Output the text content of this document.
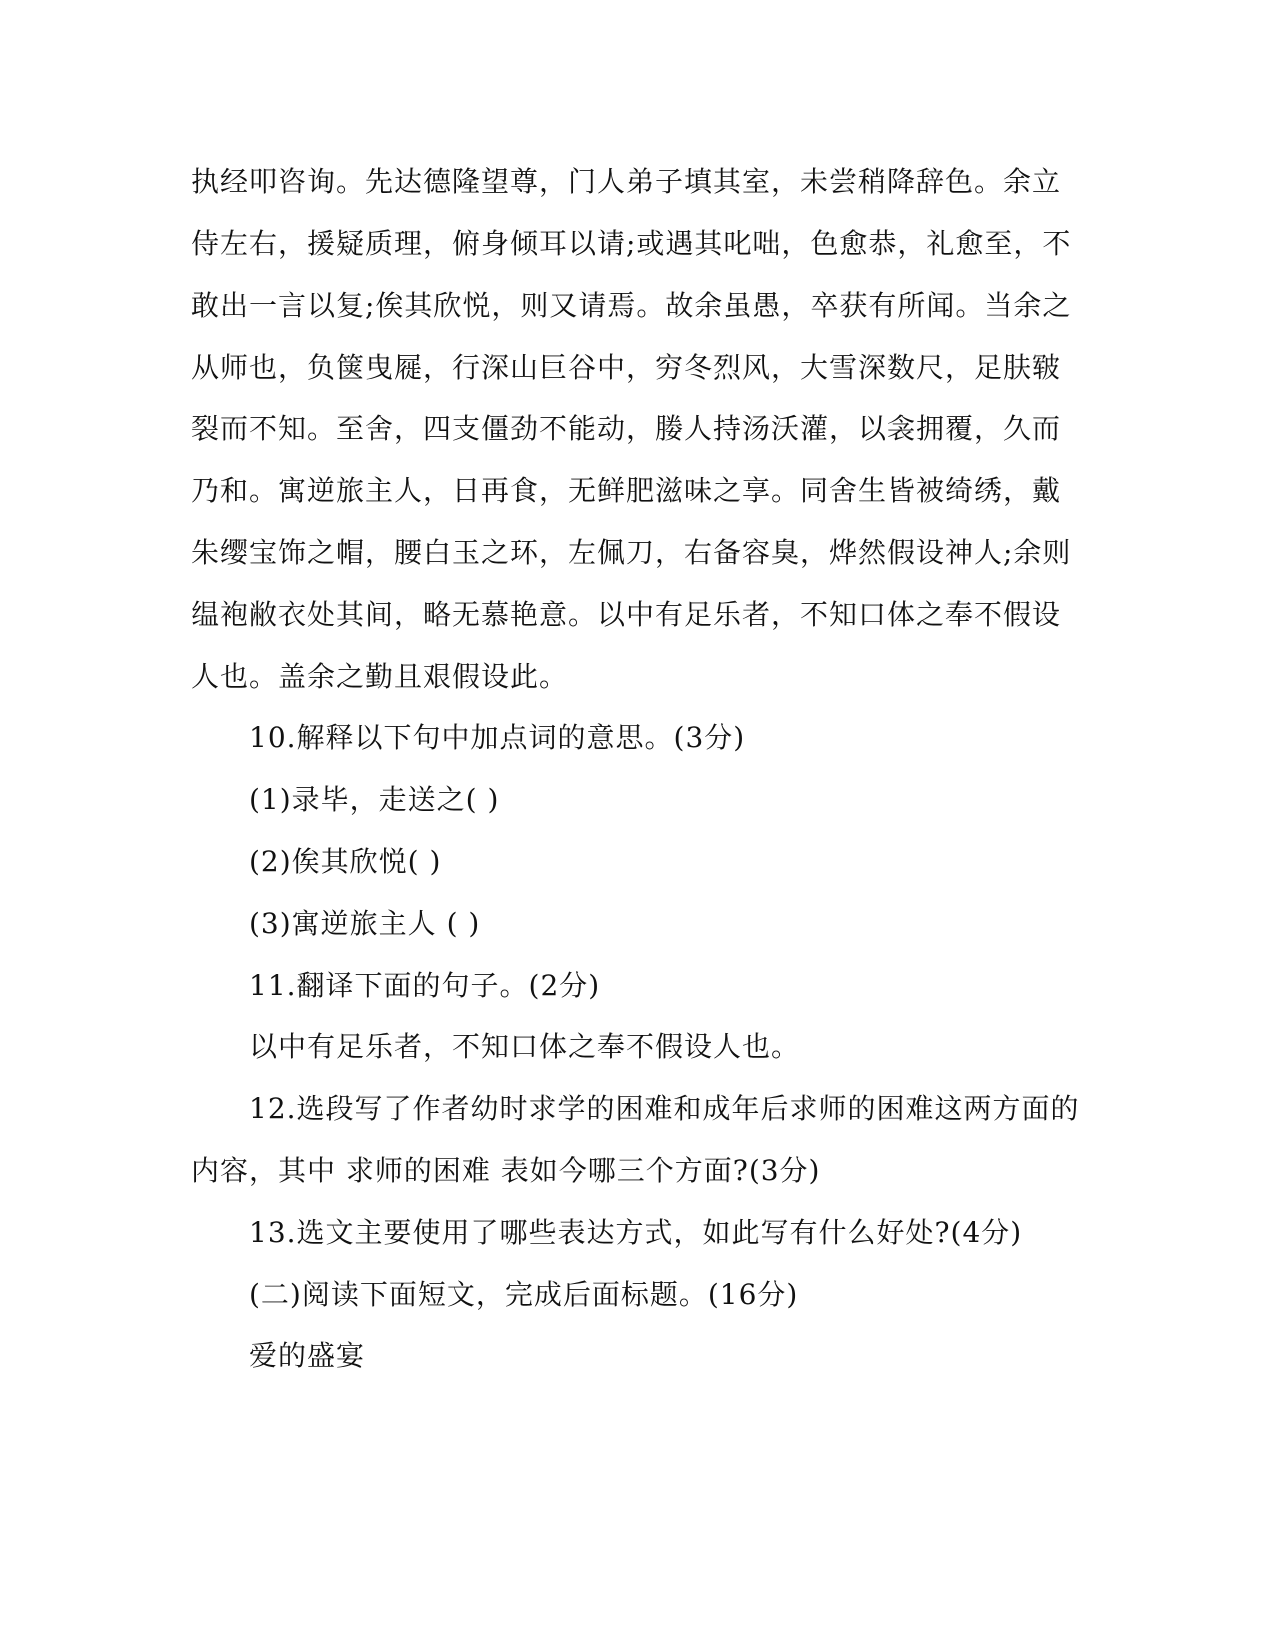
执经叩咨询。先达德隆望尊，门人弟子填其室，未尝稍降辞色。余立
侍左右，援疑质理，俯身倾耳以请;或遇其叱咄，色愈恭，礼愈至，不
敢出一言以复;俟其欣悦，则又请焉。故余虽愚，卒获有所闻。当余之
从师也，负箧曳屣，行深山巨谷中，穷冬烈风，大雪深数尺，足肤皲
裂而不知。至舍，四支僵劲不能动，媵人持汤沃灌，以衾拥覆，久而
乃和。寓逆旅主人，日再食，无鲜肥滋味之享。同舍生皆被绮绣，戴
朱缨宝饰之帽，腰白玉之环，左佩刀，右备容臭，烨然假设神人;余则
缊袍敝衣处其间，略无慕艳意。以中有足乐者，不知口体之奉不假设
人也。盖余之勤且艰假设此。
10.解释以下句中加点词的意思。(3分)
(1)录毕，走送之( )
(2)俟其欣悦( )
(3)寓逆旅主人 ( )
11.翻译下面的句子。(2分)
以中有足乐者，不知口体之奉不假设人也。
12.选段写了作者幼时求学的困难和成年后求师的困难这两方面的
内容，其中 求师的困难 表如今哪三个方面?(3分)
13.选文主要使用了哪些表达方式，如此写有什么好处?(4分)
(二)阅读下面短文，完成后面标题。(16分)
爱的盛宴
